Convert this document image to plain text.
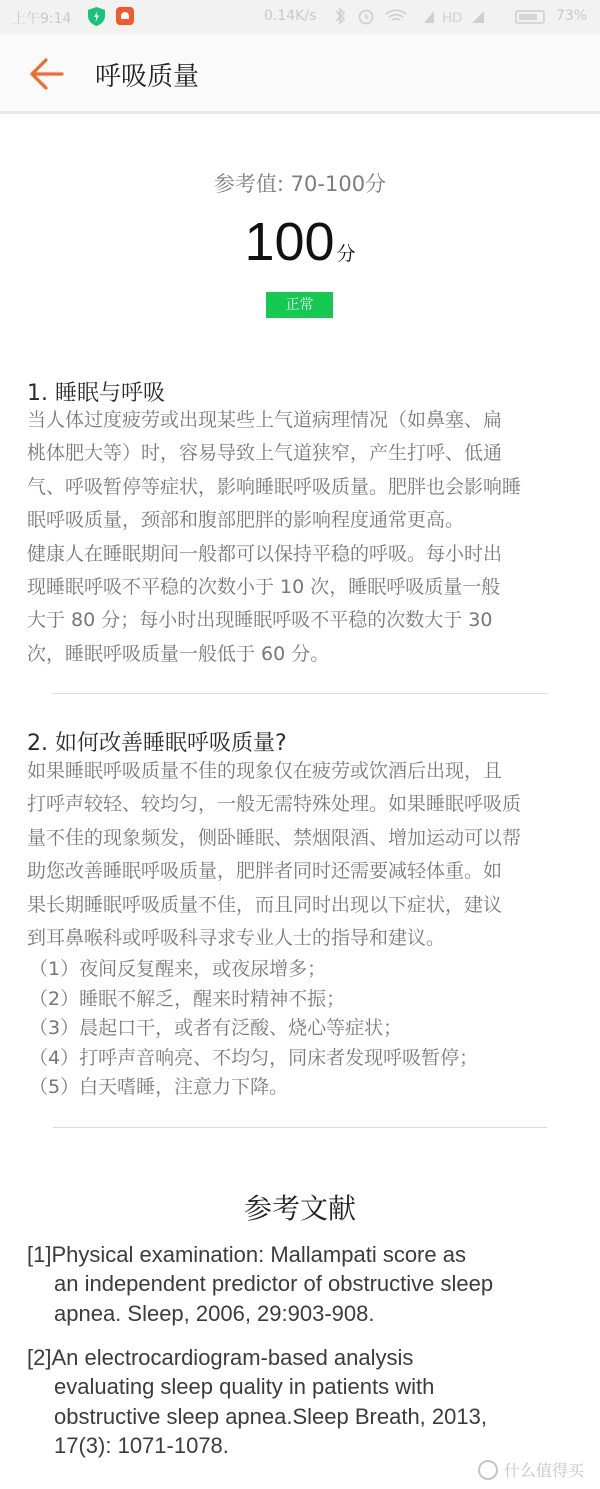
上午9:14	0.14K/s	HD	73%
呼吸质量
参考值: 70-100分
100 分
正常
1. 睡眠与呼吸
当人体过度疲劳或出现某些上气道病理情况（如鼻塞、扁
桃体肥大等）时，容易导致上气道狭窄，产生打呼、低通
气、呼吸暂停等症状，影响睡眠呼吸质量。肥胖也会影响睡
眠呼吸质量，颈部和腹部肥胖的影响程度通常更高。
健康人在睡眠期间一般都可以保持平稳的呼吸。每小时出
现睡眠呼吸不平稳的次数小于 10 次，睡眠呼吸质量一般
大于 80 分；每小时出现睡眠呼吸不平稳的次数大于 30
次，睡眠呼吸质量一般低于 60 分。
2. 如何改善睡眠呼吸质量?
如果睡眠呼吸质量不佳的现象仅在疲劳或饮酒后出现，且
打呼声较轻、较均匀，一般无需特殊处理。如果睡眠呼吸质
量不佳的现象频发，侧卧睡眠、禁烟限酒、增加运动可以帮
助您改善睡眠呼吸质量，肥胖者同时还需要减轻体重。如
果长期睡眠呼吸质量不佳，而且同时出现以下症状，建议
到耳鼻喉科或呼吸科寻求专业人士的指导和建议。
（1）夜间反复醒来，或夜尿增多；
（2）睡眠不解乏，醒来时精神不振；
（3）晨起口干，或者有泛酸、烧心等症状；
（4）打呼声音响亮、不均匀，同床者发现呼吸暂停；
（5）白天嗜睡，注意力下降。
参考文献
[1]Physical examination: Mallampati score as
an independent predictor of obstructive sleep
apnea. Sleep, 2006, 29:903-908.
[2]An electrocardiogram-based analysis
evaluating sleep quality in patients with
obstructive sleep apnea.Sleep Breath, 2013,
17(3): 1071-1078.
什么值得买
